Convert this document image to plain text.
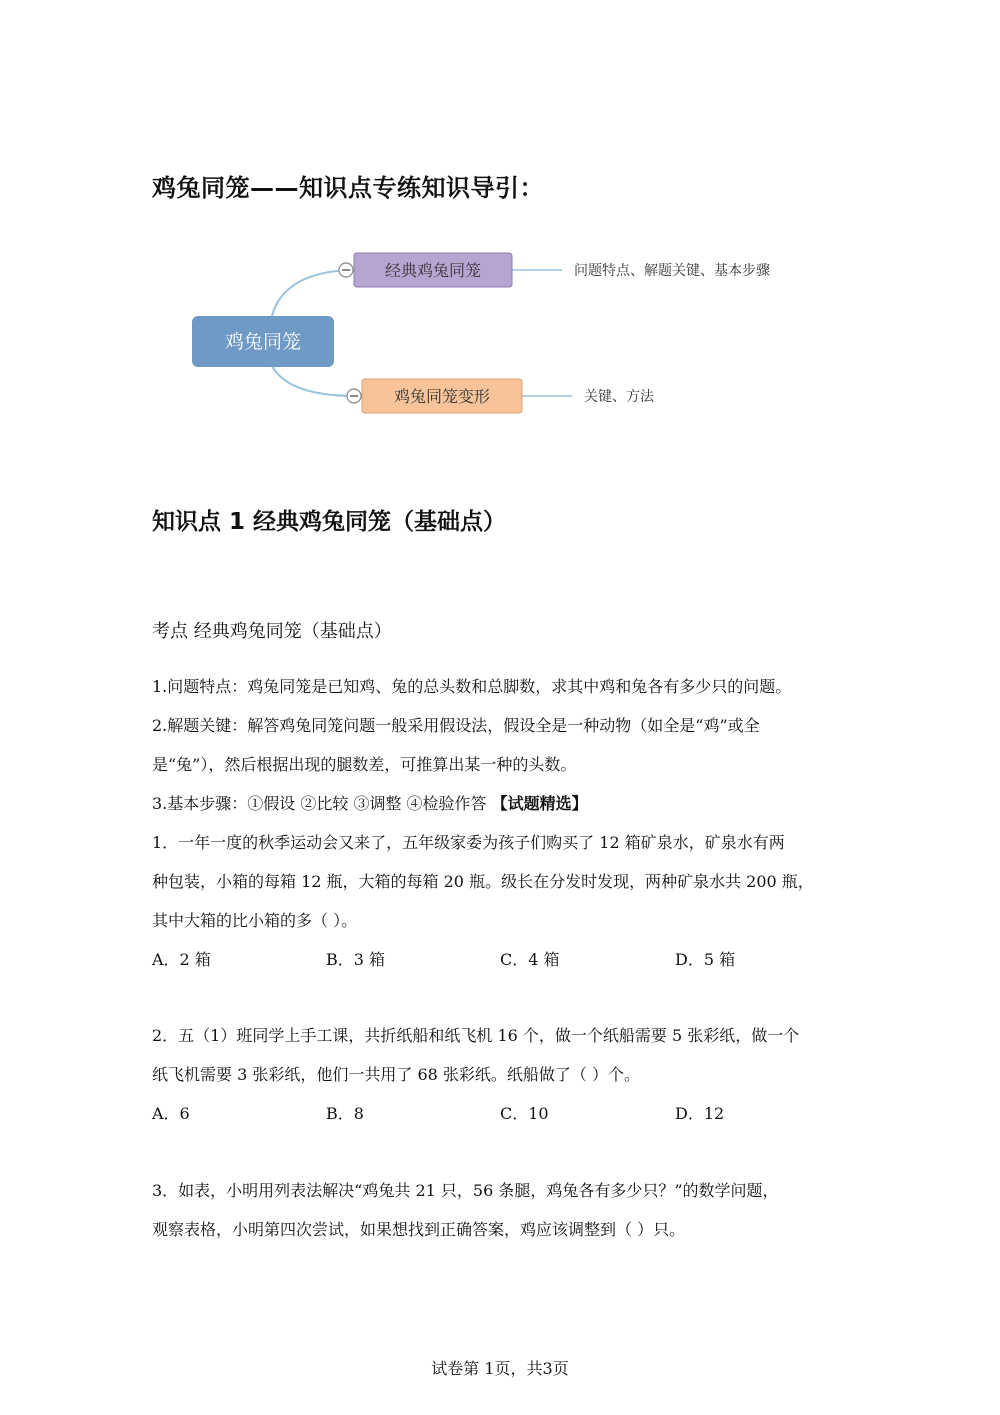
鸡兔同笼——知识点专练知识导引：
鸡兔同笼
经典鸡兔同笼	问题特点、解题关键、基本步骤
鸡兔同笼变形	关键、方法
知识点 1 经典鸡兔同笼（基础点）
考点 经典鸡兔同笼（基础点）
1.问题特点：鸡兔同笼是已知鸡、兔的总头数和总脚数，求其中鸡和兔各有多少只的问题。
2.解题关键：解答鸡兔同笼问题一般采用假设法，假设全是一种动物（如全是“鸡”或全
是“兔”），然后根据出现的腿数差，可推算出某一种的头数。
3.基本步骤：①假设 ②比较 ③调整 ④检验作答 【试题精选】
1．一年一度的秋季运动会又来了，五年级家委为孩子们购买了 12 箱矿泉水，矿泉水有两
种包装，小箱的每箱 12 瓶，大箱的每箱 20 瓶。级长在分发时发现，两种矿泉水共 200 瓶，
其中大箱的比小箱的多（ ）。
A．2 箱	B．3 箱	C．4 箱	D．5 箱
2．五（1）班同学上手工课，共折纸船和纸飞机 16 个，做一个纸船需要 5 张彩纸，做一个
纸飞机需要 3 张彩纸，他们一共用了 68 张彩纸。纸船做了（ ）个。
A．6	B．8	C．10	D．12
3．如表，小明用列表法解决“鸡兔共 21 只，56 条腿，鸡兔各有多少只？”的数学问题，
观察表格，小明第四次尝试，如果想找到正确答案，鸡应该调整到（ ）只。
试卷第 1页，共3页
